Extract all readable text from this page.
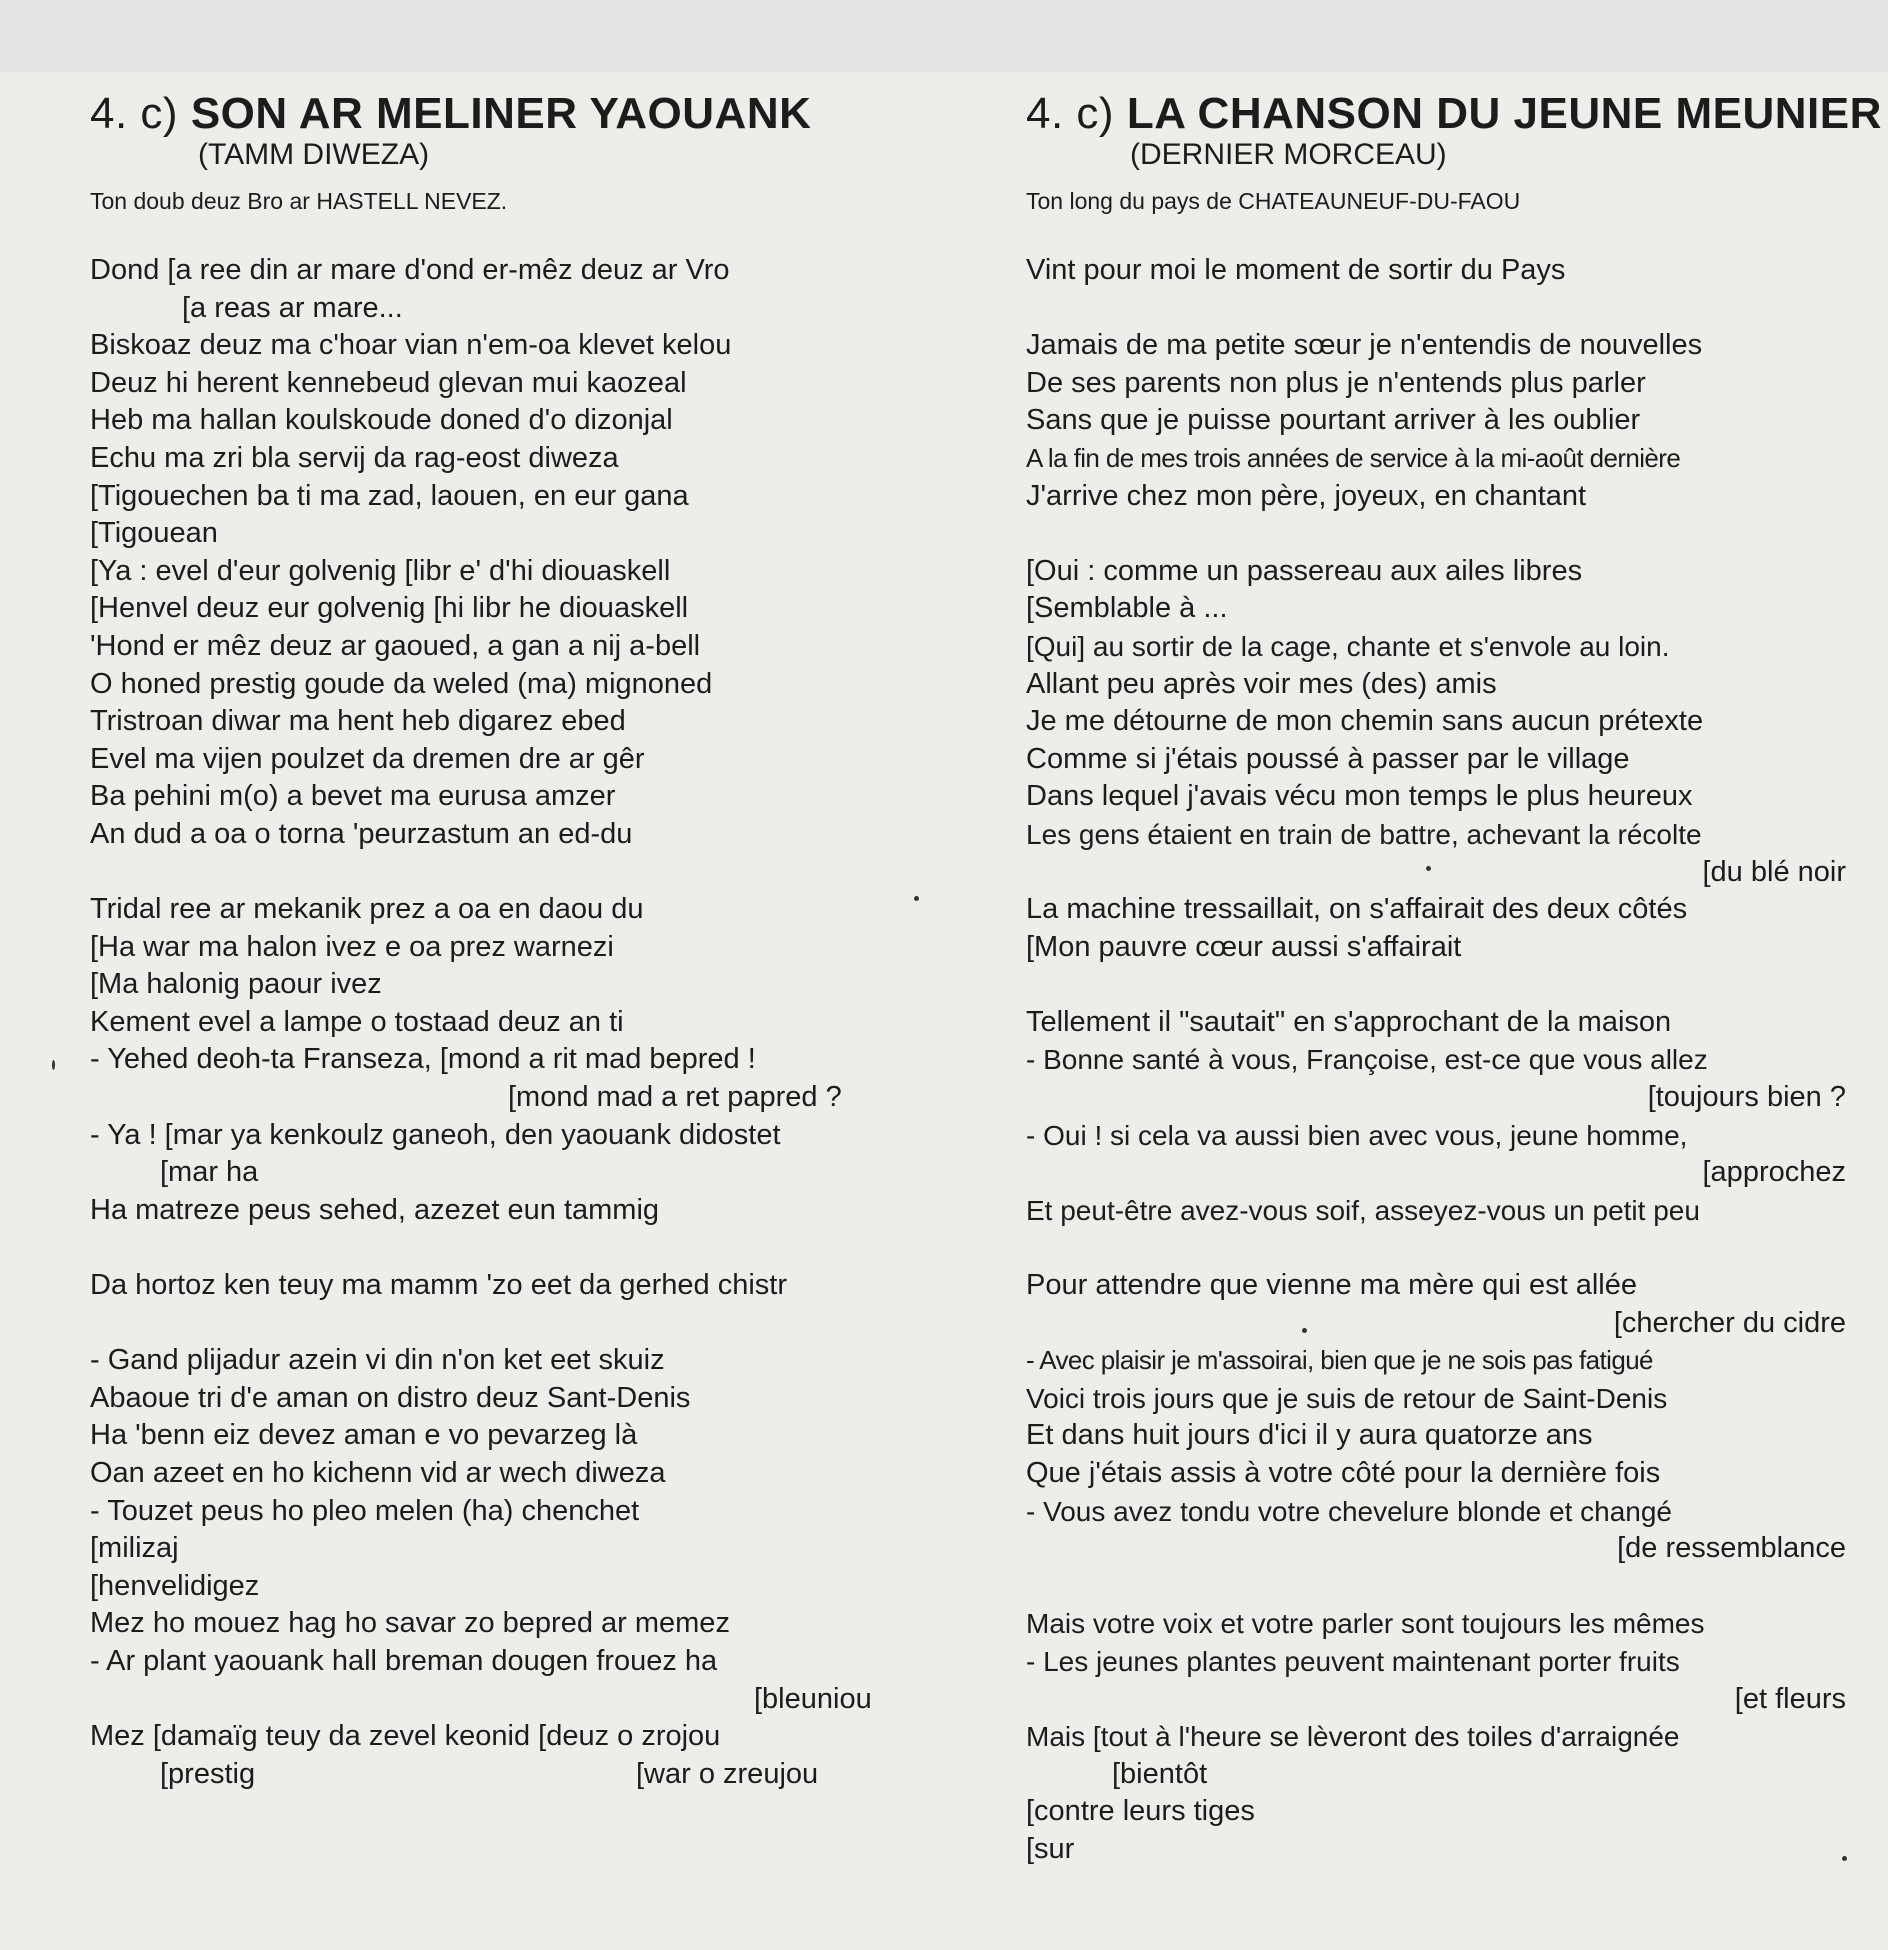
4. c) SON AR MELINER YAOUANK
(TAMM DIWEZA)
Ton doub deuz Bro ar HASTELL NEVEZ.
Dond [a ree din ar mare d'ond er-mêz deuz ar Vro
[a reas ar mare...
Biskoaz deuz ma c'hoar vian n'em-oa klevet kelou
Deuz hi herent kennebeud glevan mui kaozeal
Heb ma hallan koulskoude doned d'o dizonjal
Echu ma zri bla servij da rag-eost diweza
[Tigouechen ba ti ma zad, laouen, en eur gana
[Tigouean
[Ya : evel d'eur golvenig [libr e' d'hi diouaskell
[Henvel deuz eur golvenig [hi libr he diouaskell
'Hond er mêz deuz ar gaoued, a gan a nij a-bell
O honed prestig goude da weled (ma) mignoned
Tristroan diwar ma hent heb digarez ebed
Evel ma vijen poulzet da dremen dre ar gêr
Ba pehini m(o) a bevet ma eurusa amzer
An dud a oa o torna 'peurzastum an ed-du
Tridal ree ar mekanik prez a oa en daou du
[Ha war ma halon ivez e oa prez warnezi
[Ma halonig paour ivez
Kement evel a lampe o tostaad deuz an ti
- Yehed deoh-ta Franseza, [mond a rit mad bepred !
[mond mad a ret papred ?
- Ya ! [mar ya kenkoulz ganeoh, den yaouank didostet
[mar ha
Ha matreze peus sehed, azezet eun tammig
Da hortoz ken teuy ma mamm 'zo eet da gerhed chistr
- Gand plijadur azein vi din n'on ket eet skuiz
Abaoue tri d'e aman on distro deuz Sant-Denis
Ha 'benn eiz devez aman e vo pevarzeg là
Oan azeet en ho kichenn vid ar wech diweza
- Touzet peus ho pleo melen (ha) chenchet
[milizaj
[henvelidigez
Mez ho mouez hag ho savar zo bepred ar memez
- Ar plant yaouank hall breman dougen frouez ha
[bleuniou
Mez [damaïg teuy da zevel keonid [deuz o zrojou
[prestig	[war o zreujou
4. c) LA CHANSON DU JEUNE MEUNIER
(DERNIER MORCEAU)
Ton long du pays de CHATEAUNEUF-DU-FAOU
Vint pour moi le moment de sortir du Pays
Jamais de ma petite sœur je n'entendis de nouvelles
De ses parents non plus je n'entends plus parler
Sans que je puisse pourtant arriver à les oublier
A la fin de mes trois années de service à la mi-août dernière
J'arrive chez mon père, joyeux, en chantant
[Oui : comme un passereau aux ailes libres
[Semblable à ...
[Qui] au sortir de la cage, chante et s'envole au loin.
Allant peu après voir mes (des) amis
Je me détourne de mon chemin sans aucun prétexte
Comme si j'étais poussé à passer par le village
Dans lequel j'avais vécu mon temps le plus heureux
Les gens étaient en train de battre, achevant la récolte
[du blé noir
La machine tressaillait, on s'affairait des deux côtés
[Mon pauvre cœur aussi s'affairait
Tellement il "sautait" en s'approchant de la maison
- Bonne santé à vous, Françoise, est-ce que vous allez
[toujours bien ?
- Oui ! si cela va aussi bien avec vous, jeune homme,
[approchez
Et peut-être avez-vous soif, asseyez-vous un petit peu
Pour attendre que vienne ma mère qui est allée
[chercher du cidre
- Avec plaisir je m'assoirai, bien que je ne sois pas fatigué
Voici trois jours que je suis de retour de Saint-Denis
Et dans huit jours d'ici il y aura quatorze ans
Que j'étais assis à votre côté pour la dernière fois
- Vous avez tondu votre chevelure blonde et changé
[de ressemblance
Mais votre voix et votre parler sont toujours les mêmes
- Les jeunes plantes peuvent maintenant porter fruits
[et fleurs
Mais [tout à l'heure se lèveront des toiles d'arraignée
[bientôt
[contre leurs tiges
[sur
